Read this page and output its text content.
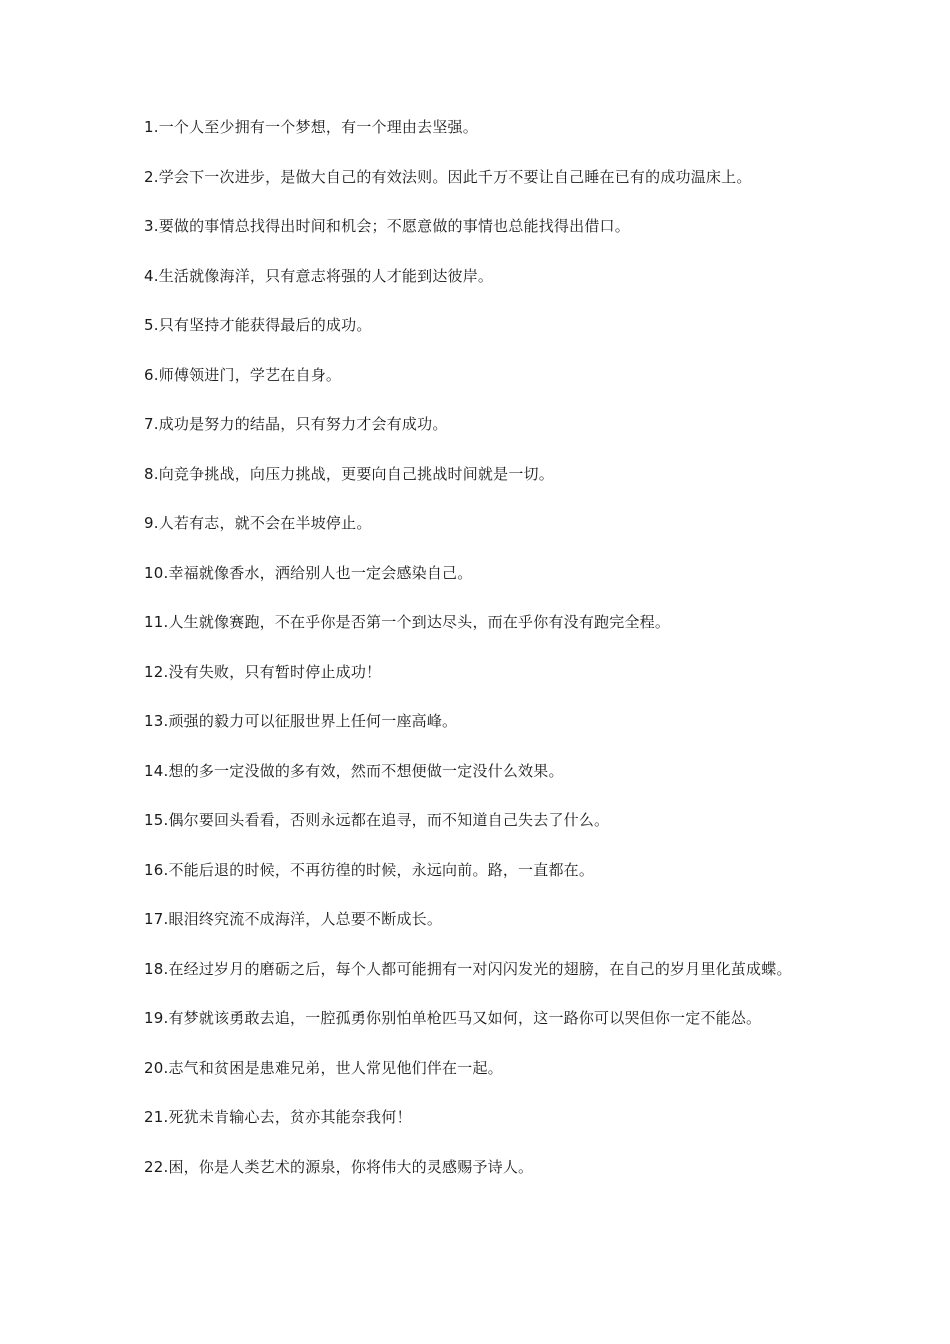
1.一个人至少拥有一个梦想，有一个理由去坚强。

2.学会下一次进步，是做大自己的有效法则。因此千万不要让自己睡在已有的成功温床上。

3.要做的事情总找得出时间和机会；不愿意做的事情也总能找得出借口。

4.生活就像海洋，只有意志将强的人才能到达彼岸。

5.只有坚持才能获得最后的成功。

6.师傅领进门，学艺在自身。

7.成功是努力的结晶，只有努力才会有成功。

8.向竞争挑战，向压力挑战，更要向自己挑战时间就是一切。

9.人若有志，就不会在半坡停止。

10.幸福就像香水，洒给别人也一定会感染自己。

11.人生就像赛跑，不在乎你是否第一个到达尽头，而在乎你有没有跑完全程。

12.没有失败，只有暂时停止成功！

13.顽强的毅力可以征服世界上任何一座高峰。

14.想的多一定没做的多有效，然而不想便做一定没什么效果。

15.偶尔要回头看看，否则永远都在追寻，而不知道自己失去了什么。

16.不能后退的时候，不再彷徨的时候，永远向前。路，一直都在。

17.眼泪终究流不成海洋，人总要不断成长。

18.在经过岁月的磨砺之后，每个人都可能拥有一对闪闪发光的翅膀，在自己的岁月里化茧成蝶。

19.有梦就该勇敢去追，一腔孤勇你别怕单枪匹马又如何，这一路你可以哭但你一定不能怂。

20.志气和贫困是患难兄弟，世人常见他们伴在一起。

21.死犹未肯输心去，贫亦其能奈我何！

22.困，你是人类艺术的源泉，你将伟大的灵感赐予诗人。
